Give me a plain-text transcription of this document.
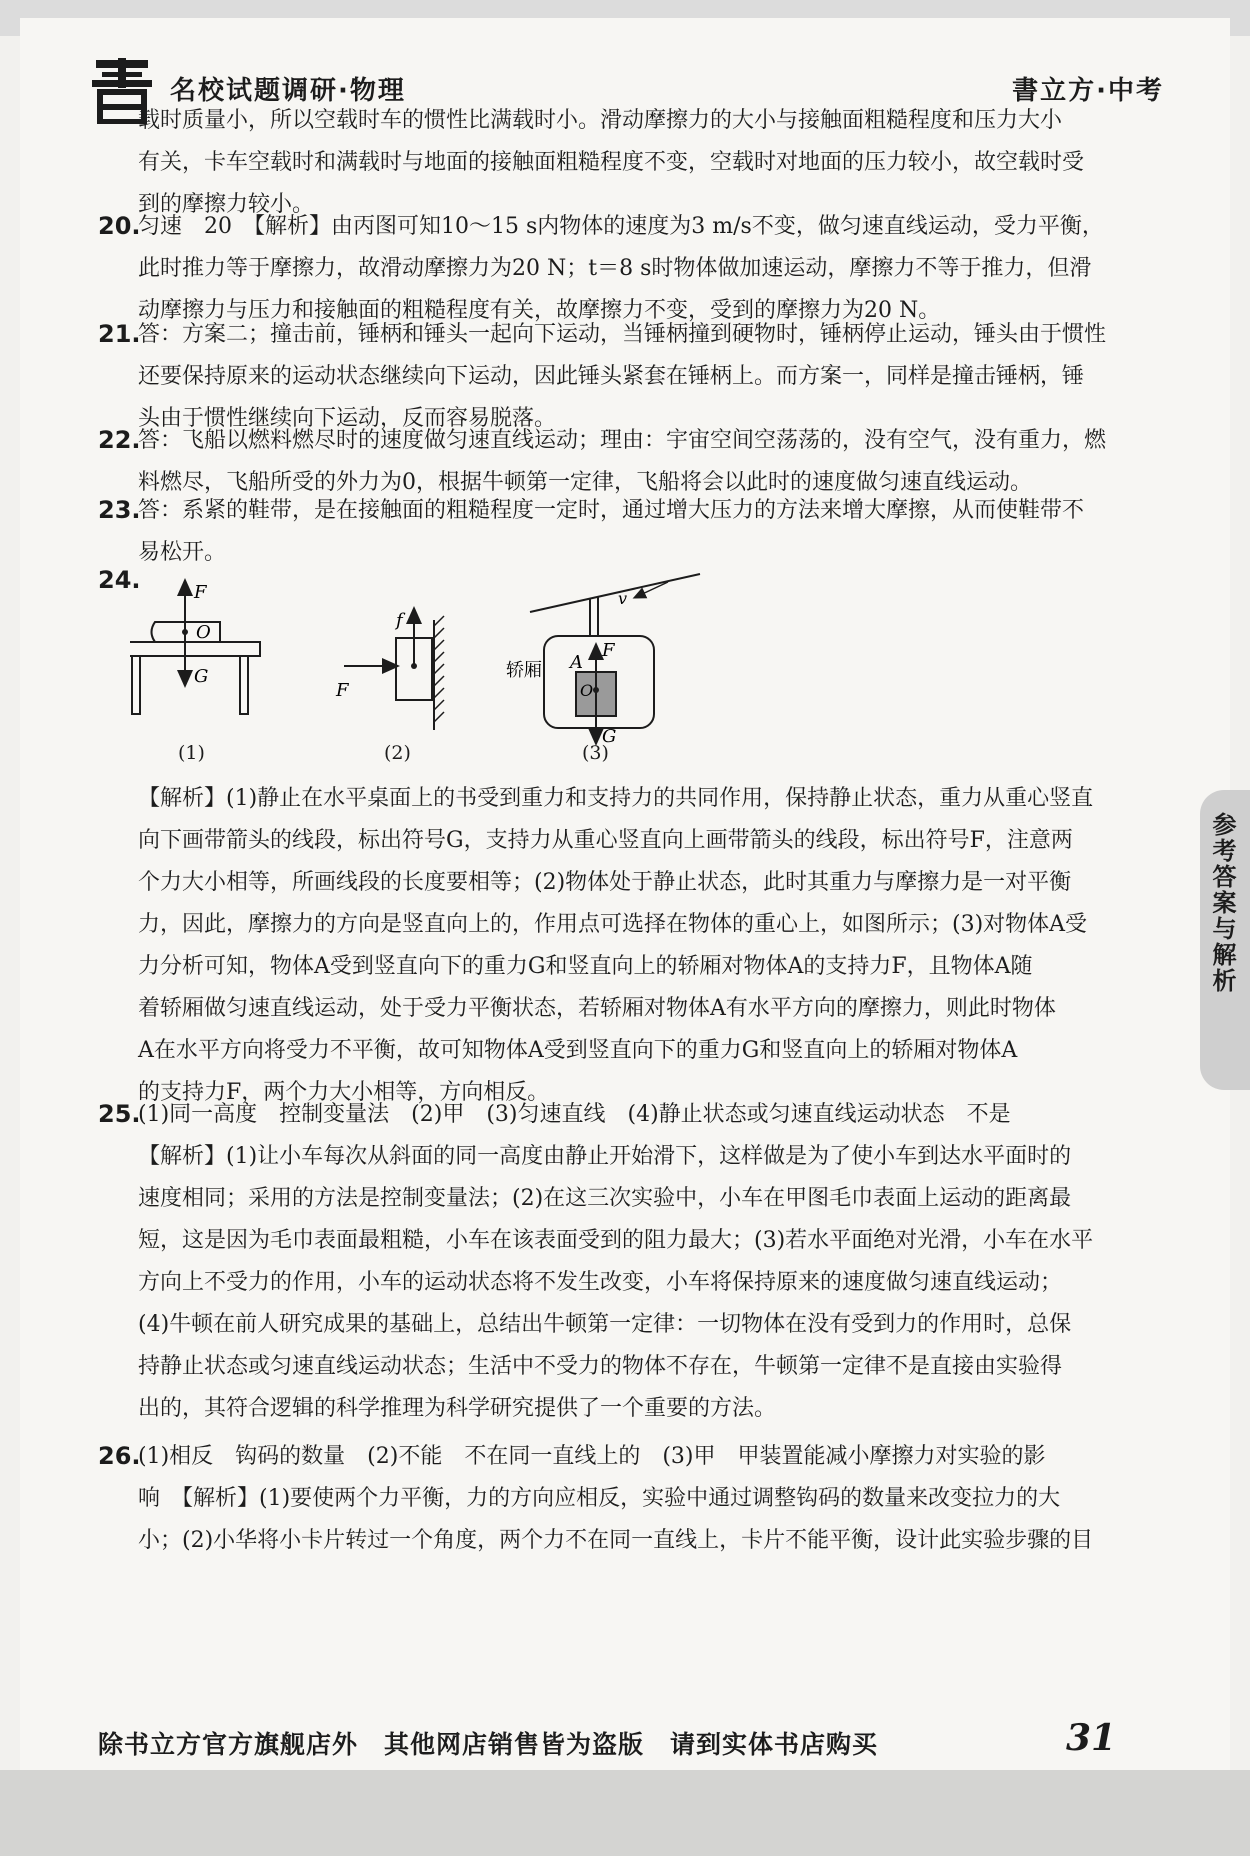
名校试题调研·物理	書立方·中考
载时质量小，所以空载时车的惯性比满载时小。滑动摩擦力的大小与接触面粗糙程度和压力大小
有关，卡车空载时和满载时与地面的接触面粗糙程度不变，空载时对地面的压力较小，故空载时受
到的摩擦力较小。
20.
匀速　20　【解析】由丙图可知10～15 s内物体的速度为3 m/s不变，做匀速直线运动，受力平衡，
此时推力等于摩擦力，故滑动摩擦力为20 N；t＝8 s时物体做加速运动，摩擦力不等于推力，但滑
动摩擦力与压力和接触面的粗糙程度有关，故摩擦力不变，受到的摩擦力为20 N。
21.
答：方案二；撞击前，锤柄和锤头一起向下运动，当锤柄撞到硬物时，锤柄停止运动，锤头由于惯性
还要保持原来的运动状态继续向下运动，因此锤头紧套在锤柄上。而方案一，同样是撞击锤柄，锤
头由于惯性继续向下运动，反而容易脱落。
22.
答：飞船以燃料燃尽时的速度做匀速直线运动；理由：宇宙空间空荡荡的，没有空气，没有重力，燃
料燃尽，飞船所受的外力为0，根据牛顿第一定律，飞船将会以此时的速度做匀速直线运动。
23.
答：系紧的鞋带，是在接触面的粗糙程度一定时，通过增大压力的方法来增大摩擦，从而使鞋带不
易松开。
24.	F
O
G
(1)
f
F
(2)
v
轿厢 A
F
O
G
(3)
【解析】(1)静止在水平桌面上的书受到重力和支持力的共同作用，保持静止状态，重力从重心竖直
向下画带箭头的线段，标出符号G，支持力从重心竖直向上画带箭头的线段，标出符号F，注意两
个力大小相等，所画线段的长度要相等；(2)物体处于静止状态，此时其重力与摩擦力是一对平衡
力，因此，摩擦力的方向是竖直向上的，作用点可选择在物体的重心上，如图所示；(3)对物体A受
力分析可知，物体A受到竖直向下的重力G和竖直向上的轿厢对物体A的支持力F，且物体A随
着轿厢做匀速直线运动，处于受力平衡状态，若轿厢对物体A有水平方向的摩擦力，则此时物体
A在水平方向将受力不平衡，故可知物体A受到竖直向下的重力G和竖直向上的轿厢对物体A
的支持力F，两个力大小相等，方向相反。
25.
(1)同一高度　控制变量法　(2)甲　(3)匀速直线　(4)静止状态或匀速直线运动状态　不是
【解析】(1)让小车每次从斜面的同一高度由静止开始滑下，这样做是为了使小车到达水平面时的
速度相同；采用的方法是控制变量法；(2)在这三次实验中，小车在甲图毛巾表面上运动的距离最
短，这是因为毛巾表面最粗糙，小车在该表面受到的阻力最大；(3)若水平面绝对光滑，小车在水平
方向上不受力的作用，小车的运动状态将不发生改变，小车将保持原来的速度做匀速直线运动；
(4)牛顿在前人研究成果的基础上，总结出牛顿第一定律：一切物体在没有受到力的作用时，总保
持静止状态或匀速直线运动状态；生活中不受力的物体不存在，牛顿第一定律不是直接由实验得
出的，其符合逻辑的科学推理为科学研究提供了一个重要的方法。
26.
(1)相反　钩码的数量　(2)不能　不在同一直线上的　(3)甲　甲装置能减小摩擦力对实验的影
响　【解析】(1)要使两个力平衡，力的方向应相反，实验中通过调整钩码的数量来改变拉力的大
小；(2)小华将小卡片转过一个角度，两个力不在同一直线上，卡片不能平衡，设计此实验步骤的目
参考答案与解析
除书立方官方旗舰店外　其他网店销售皆为盗版　请到实体书店购买	31
